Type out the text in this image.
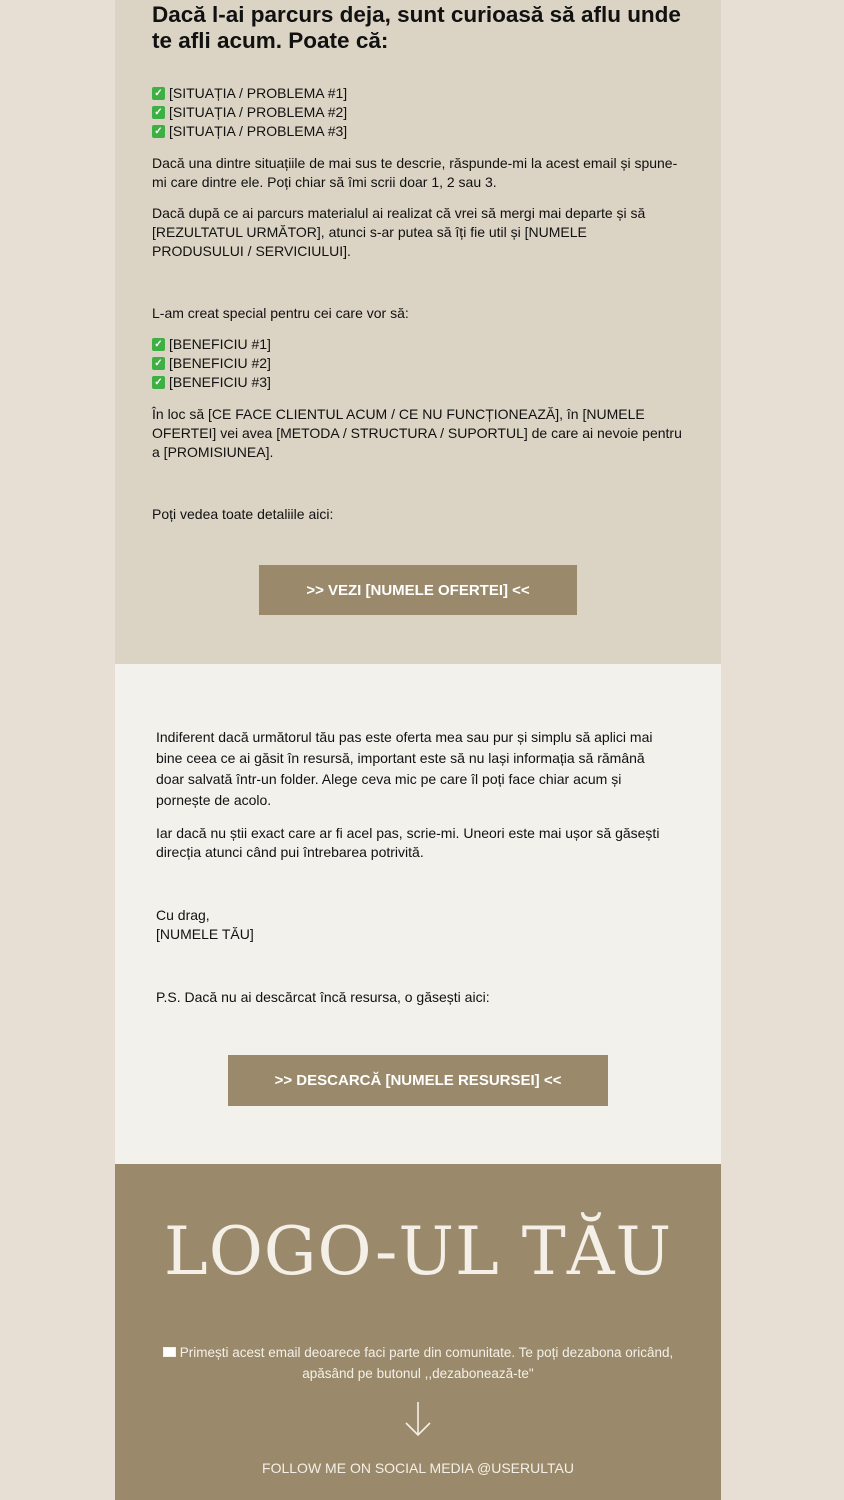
Dacă l-ai parcurs deja, sunt curioasă să aflu unde te afli acum. Poate că:
✓ [SITUAȚIA / PROBLEMA #1]
✓ [SITUAȚIA / PROBLEMA #2]
✓ [SITUAȚIA / PROBLEMA #3]

Dacă una dintre situațiile de mai sus te descrie, răspunde-mi la acest email și spune-mi care dintre ele. Poți chiar să îmi scrii doar 1, 2 sau 3.

Dacă după ce ai parcurs materialul ai realizat că vrei să mergi mai departe și să [REZULTATUL URMĂTOR], atunci s-ar putea să îți fie util și [NUMELE PRODUSULUI / SERVICIULUI].

L-am creat special pentru cei care vor să:

✓ [BENEFICIU #1]
✓ [BENEFICIU #2]
✓ [BENEFICIU #3]

În loc să [CE FACE CLIENTUL ACUM / CE NU FUNCȚIONEAZĂ], în [NUMELE OFERTEI] vei avea [METODA / STRUCTURA / SUPORTUL] de care ai nevoie pentru a [PROMISIUNEA].

Poți vedea toate detaliile aici:

>> VEZI [NUMELE OFERTEI] <<

Indiferent dacă următorul tău pas este oferta mea sau pur și simplu să aplici mai bine ceea ce ai găsit în resursă, important este să nu lași informația să rămână doar salvată într-un folder. Alege ceva mic pe care îl poți face chiar acum și pornește de acolo.

Iar dacă nu știi exact care ar fi acel pas, scrie-mi. Uneori este mai ușor să găsești direcția atunci când pui întrebarea potrivită.

Cu drag,

[NUMELE TĂU]

P.S. Dacă nu ai descărcat încă resursa, o găsești aici:

>> DESCARCĂ [NUMELE RESURSEI] <<
LOGO-UL TĂU

Primești acest email deoarece faci parte din comunitate. Te poți dezabona oricând, apăsând pe butonul ,,dezabonează-te"

FOLLOW ME ON SOCIAL MEDIA @USERULTAU
